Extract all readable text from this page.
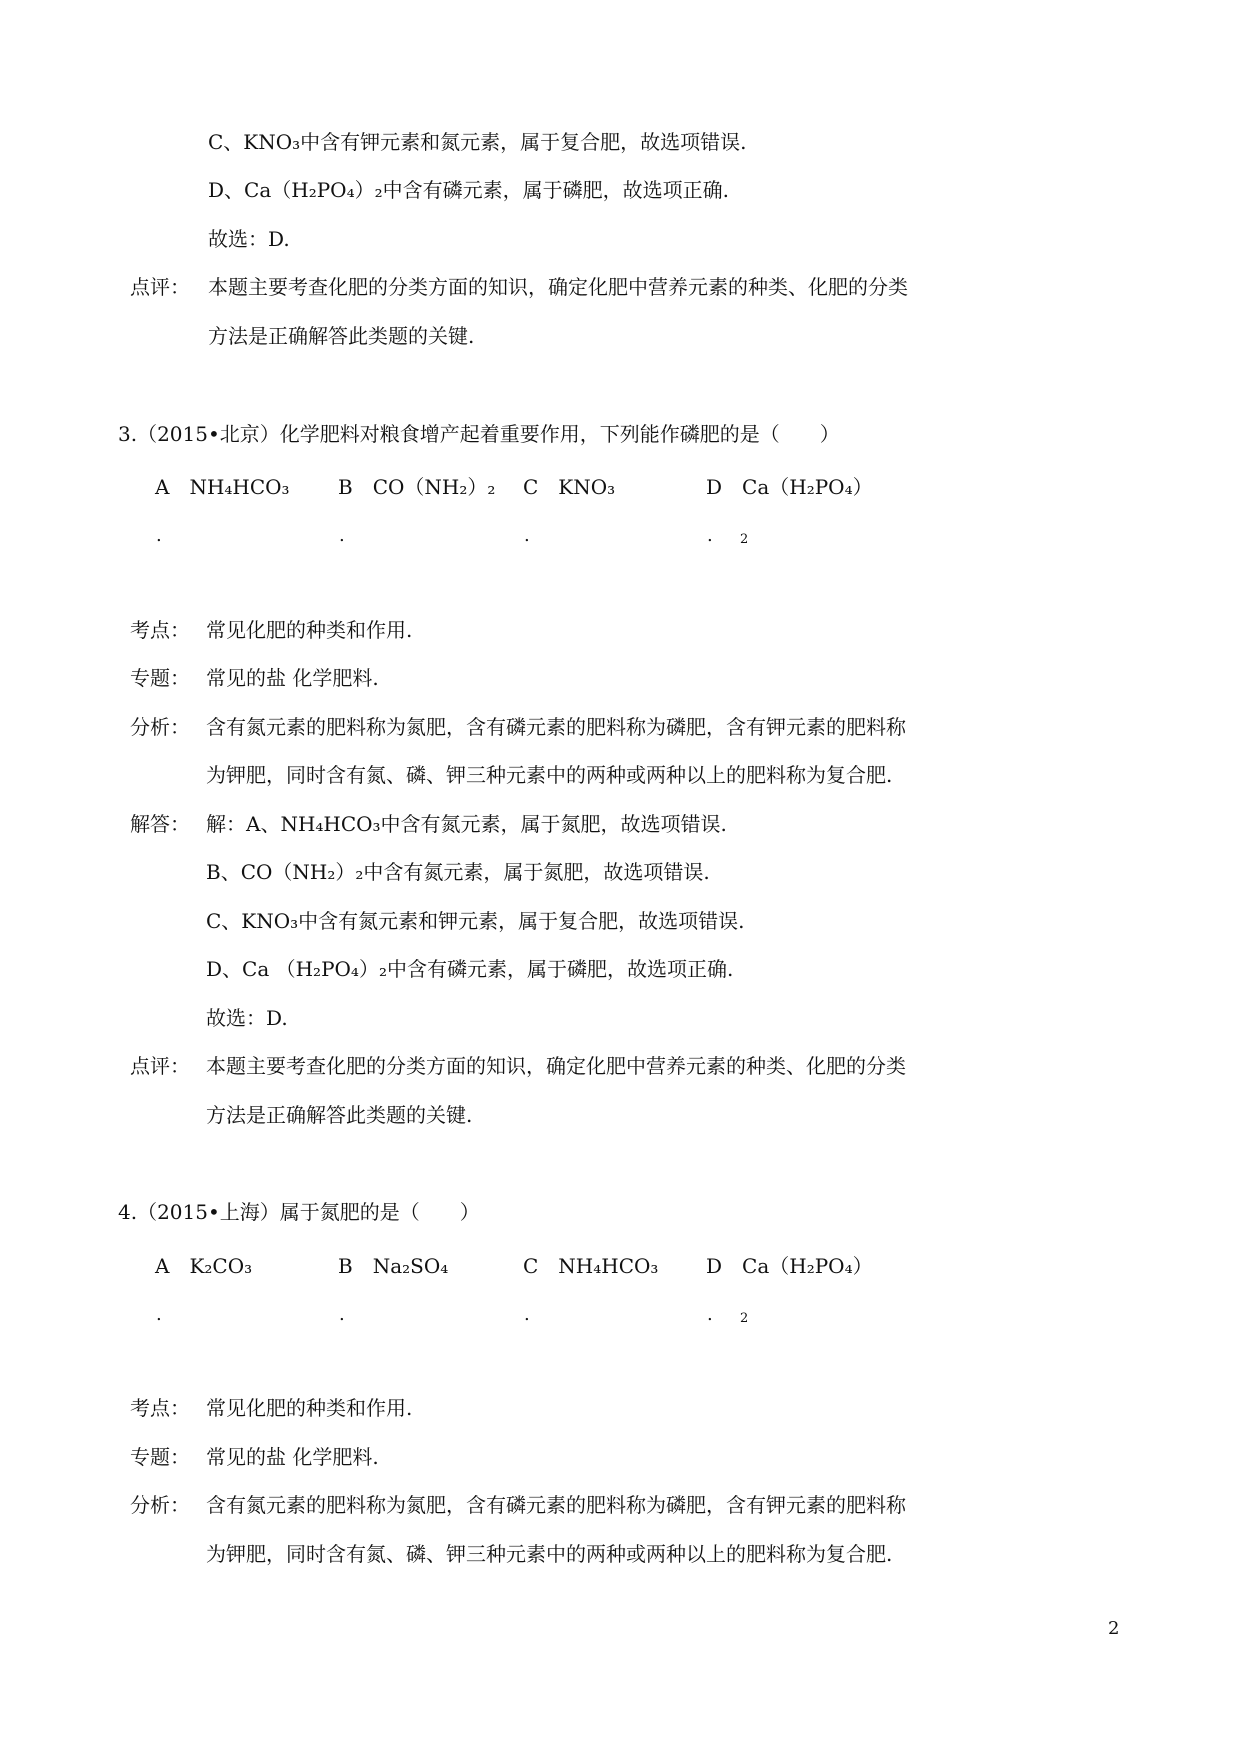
C、KNO₃中含有钾元素和氮元素，属于复合肥，故选项错误.
D、Ca（H₂PO₄）₂中含有磷元素，属于磷肥，故选项正确.
故选：D.
点评： 本题主要考查化肥的分类方面的知识，确定化肥中营养元素的种类、化肥的分类
方法是正确解答此类题的关键.
3.（2015•北京）化学肥料对粮食增产起着重要作用，下列能作磷肥的是（　　）
A　NH₄HCO₃ B　CO（NH₂）₂ C　KNO₃	D　Ca（H₂PO₄）
.	.	.	. 2
考点： 常见化肥的种类和作用.
专题： 常见的盐 化学肥料.
分析： 含有氮元素的肥料称为氮肥，含有磷元素的肥料称为磷肥，含有钾元素的肥料称
为钾肥，同时含有氮、磷、钾三种元素中的两种或两种以上的肥料称为复合肥.
解答： 解：A、NH₄HCO₃中含有氮元素，属于氮肥，故选项错误.
B、CO（NH₂）₂中含有氮元素，属于氮肥，故选项错误.
C、KNO₃中含有氮元素和钾元素，属于复合肥，故选项错误.
D、Ca （H₂PO₄）₂中含有磷元素，属于磷肥，故选项正确.
故选：D.
点评： 本题主要考查化肥的分类方面的知识，确定化肥中营养元素的种类、化肥的分类
方法是正确解答此类题的关键.
4.（2015•上海）属于氮肥的是（　　）
A　K₂CO₃	B　Na₂SO₄	C　NH₄HCO₃ D　Ca（H₂PO₄）
.	.	.	. 2
考点： 常见化肥的种类和作用.
专题： 常见的盐 化学肥料.
分析： 含有氮元素的肥料称为氮肥，含有磷元素的肥料称为磷肥，含有钾元素的肥料称
为钾肥，同时含有氮、磷、钾三种元素中的两种或两种以上的肥料称为复合肥.
2
